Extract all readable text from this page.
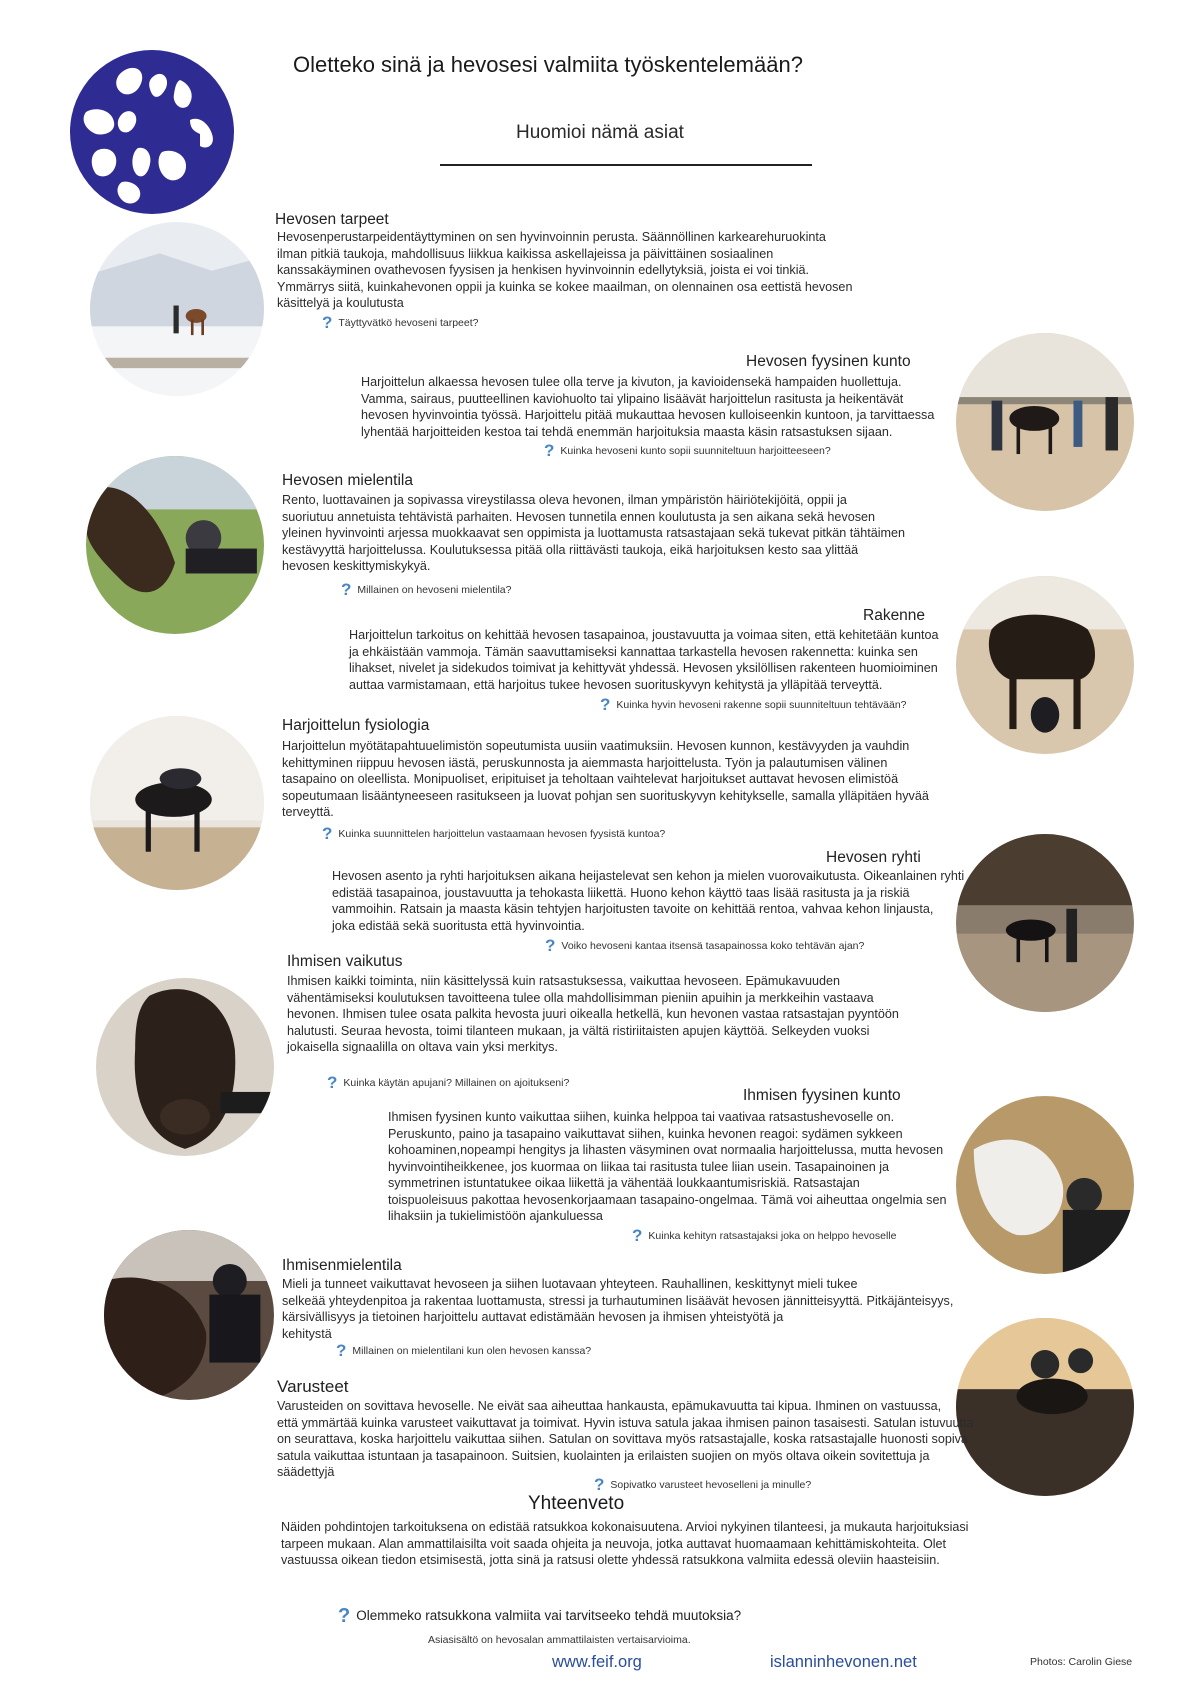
Oletteko sinä ja hevosesi valmiita työskentelemään?
Huomioi nämä asiat
Hevosen tarpeet

Hevosenperustarpeidentäyttyminen on sen hyvinvoinnin perusta. Säännöllinen karkearehuruokinta

ilman pitkiä taukoja, mahdollisuus liikkua kaikissa askellajeissa ja päivittäinen sosiaalinen

kanssakäyminen ovathevosen fyysisen ja henkisen hyvinvoinnin edellytyksiä, joista ei voi tinkiä.

Ymmärrys siitä, kuinkahevonen oppii ja kuinka se kokee maailman, on olennainen osa eettistä hevosen

käsittelyä ja koulutusta

? Täyttyvätkö hevoseni tarpeet?
Hevosen fyysinen kunto

Harjoittelun alkaessa hevosen tulee olla terve ja kivuton, ja kavioidensekä hampaiden huollettuja.

Vamma, sairaus, puutteellinen kaviohuolto tai ylipaino lisäävät harjoittelun rasitusta ja heikentävät

hevosen hyvinvointia työssä. Harjoittelu pitää mukauttaa hevosen kulloiseenkin kuntoon, ja tarvittaessa

lyhentää harjoitteiden kestoa tai tehdä enemmän harjoituksia maasta käsin ratsastuksen sijaan.

? Kuinka hevoseni kunto sopii suunniteltuun harjoitteeseen?
Hevosen mielentila

Rento, luottavainen ja sopivassa vireystilassa oleva hevonen, ilman ympäristön häiriötekijöitä, oppii ja

suoriutuu annetuista tehtävistä parhaiten. Hevosen tunnetila ennen koulutusta ja sen aikana sekä hevosen

yleinen hyvinvointi arjessa muokkaavat sen oppimista ja luottamusta ratsastajaan sekä tukevat pitkän tähtäimen

kestävyyttä harjoittelussa. Koulutuksessa pitää olla riittävästi taukoja, eikä harjoituksen kesto saa ylittää

hevosen keskittymiskykyä.

? Millainen on hevoseni mielentila?
Rakenne

Harjoittelun tarkoitus on kehittää hevosen tasapainoa, joustavuutta ja voimaa siten, että kehitetään kuntoa

ja ehkäistään vammoja. Tämän saavuttamiseksi kannattaa tarkastella hevosen rakennetta: kuinka sen

lihakset, nivelet ja sidekudos toimivat ja kehittyvät yhdessä. Hevosen yksilöllisen rakenteen huomioiminen

auttaa varmistamaan, että harjoitus tukee hevosen suorituskyvyn kehitystä ja ylläpitää terveyttä.

? Kuinka hyvin hevoseni rakenne sopii suunniteltuun tehtävään?
Harjoittelun fysiologia

Harjoittelun myötätapahtuuelimistön sopeutumista uusiin vaatimuksiin. Hevosen kunnon, kestävyyden ja vauhdin

kehittyminen riippuu hevosen iästä, peruskunnosta ja aiemmasta harjoittelusta. Työn ja palautumisen välinen

tasapaino on oleellista. Monipuoliset, eripituiset ja teholtaan vaihtelevat harjoitukset auttavat hevosen elimistöä

sopeutumaan lisääntyneeseen rasitukseen ja luovat pohjan sen suorituskyvyn kehitykselle, samalla ylläpitäen hyvää

terveyttä.

? Kuinka suunnittelen harjoittelun vastaamaan hevosen fyysistä kuntoa?
Hevosen ryhti

Hevosen asento ja ryhti harjoituksen aikana heijastelevat sen kehon ja mielen vuorovaikutusta. Oikeanlainen ryhti

edistää tasapainoa, joustavuutta ja tehokasta liikettä. Huono kehon käyttö taas lisää rasitusta ja ja riskiä

vammoihin. Ratsain ja maasta käsin tehtyjen harjoitusten tavoite on kehittää rentoa, vahvaa kehon linjausta,

joka edistää sekä suoritusta että hyvinvointia.

? Voiko hevoseni kantaa itsensä tasapainossa koko tehtävän ajan?
Ihmisen vaikutus

Ihmisen kaikki toiminta, niin käsittelyssä kuin ratsastuksessa, vaikuttaa hevoseen. Epämukavuuden

vähentämiseksi koulutuksen tavoitteena tulee olla mahdollisimman pieniin apuihin ja merkkeihin vastaava

hevonen. Ihmisen tulee osata palkita hevosta juuri oikealla hetkellä, kun hevonen vastaa ratsastajan pyyntöön

halutusti. Seuraa hevosta, toimi tilanteen mukaan, ja vältä ristiriitaisten apujen käyttöä. Selkeyden vuoksi

jokaisella signaalilla on oltava vain yksi merkitys.

? Kuinka käytän apujani? Millainen on ajoitukseni?
Ihmisen fyysinen kunto

Ihmisen fyysinen kunto vaikuttaa siihen, kuinka helppoa tai vaativaa ratsastushevoselle on.

Peruskunto, paino ja tasapaino vaikuttavat siihen, kuinka hevonen reagoi: sydämen sykkeen

kohoaminen,nopeampi hengitys ja lihasten väsyminen ovat normaalia harjoittelussa, mutta hevosen

hyvinvointiheikkenee, jos kuormaa on liikaa tai rasitusta tulee liian usein. Tasapainoinen ja

symmetrinen istuntatukee oikaa liikettä ja vähentää loukkaantumisriskiä. Ratsastajan

toispuoleisuus pakottaa hevosenkorjaamaan tasapaino-ongelmaa. Tämä voi aiheuttaa ongelmia sen

lihaksiin ja tukielimistöön ajankuluessa

? Kuinka kehityn ratsastajaksi joka on helppo hevoselle
Ihmisenmielentila

Mieli ja tunneet vaikuttavat hevoseen ja siihen luotavaan yhteyteen. Rauhallinen, keskittynyt mieli tukee

selkeää yhteydenpitoa ja rakentaa luottamusta, stressi ja turhautuminen lisäävät hevosen jännitteisyyttä. Pitkäjänteisyys,

kärsivällisyys ja tietoinen harjoittelu auttavat edistämään hevosen ja ihmisen yhteistyötä ja

kehitystä

? Millainen on mielentilani kun olen hevosen kanssa?
Varusteet

Varusteiden on sovittava hevoselle. Ne eivät saa aiheuttaa hankausta, epämukavuutta tai kipua. Ihminen on vastuussa,

että ymmärtää kuinka varusteet vaikuttavat ja toimivat. Hyvin istuva satula jakaa ihmisen painon tasaisesti. Satulan istuvuutta

on seurattava, koska harjoittelu vaikuttaa siihen. Satulan on sovittava myös ratsastajalle, koska ratsastajalle huonosti sopiva

satula vaikuttaa istuntaan ja tasapainoon. Suitsien, kuolainten ja erilaisten suojien on myös oltava oikein sovitettuja ja

säädettyjä

? Sopivatko varusteet hevoselleni ja minulle?
Yhteenveto

Näiden pohdintojen tarkoituksena on edistää ratsukkoa kokonaisuutena. Arvioi nykyinen tilanteesi, ja mukauta harjoituksiasi

tarpeen mukaan. Alan ammattilaisilta voit saada ohjeita ja neuvoja, jotka auttavat huomaamaan kehittämiskohteita. Olet

vastuussa oikean tiedon etsimisestä, jotta sinä ja ratsusi olette yhdessä ratsukkona valmiita edessä oleviin haasteisiin.

? Olemmeko ratsukkona valmiita vai tarvitseeko tehdä muutoksia?
Asiasisältö on hevosalan ammattilaisten vertaisarvioima.
www.feif.org	islanninhevonen.net	Photos: Carolin Giese
